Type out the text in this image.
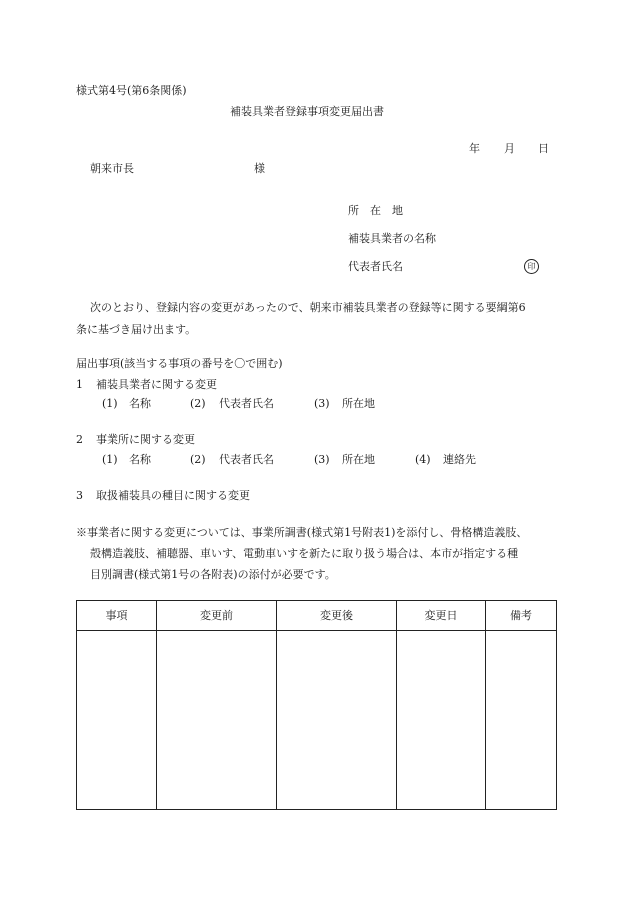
様式第4号(第6条関係)
補装具業者登録事項変更届出書
年 月 日
朝来市長	様
所　在　地
補装具業者の名称
代表者氏名	印
次のとおり、登録内容の変更があったので、朝来市補装具業者の登録等に関する要綱第6
条に基づき届け出ます。
届出事項(該当する事項の番号を〇で囲む)
1 補装具業者に関する変更
(1)	名称	(2)	代表者氏名	(3)	所在地
2 事業所に関する変更
(1)	名称	(2)	代表者氏名	(3)	所在地	(4)	連絡先
3 取扱補装具の種目に関する変更
※事業者に関する変更については、事業所調書(様式第1号附表1)を添付し、骨格構造義肢、
殻構造義肢、補聴器、車いす、電動車いすを新たに取り扱う場合は、本市が指定する種
目別調書(様式第1号の各附表)の添付が必要です。
事項	変更前	変更後	変更日	備考
